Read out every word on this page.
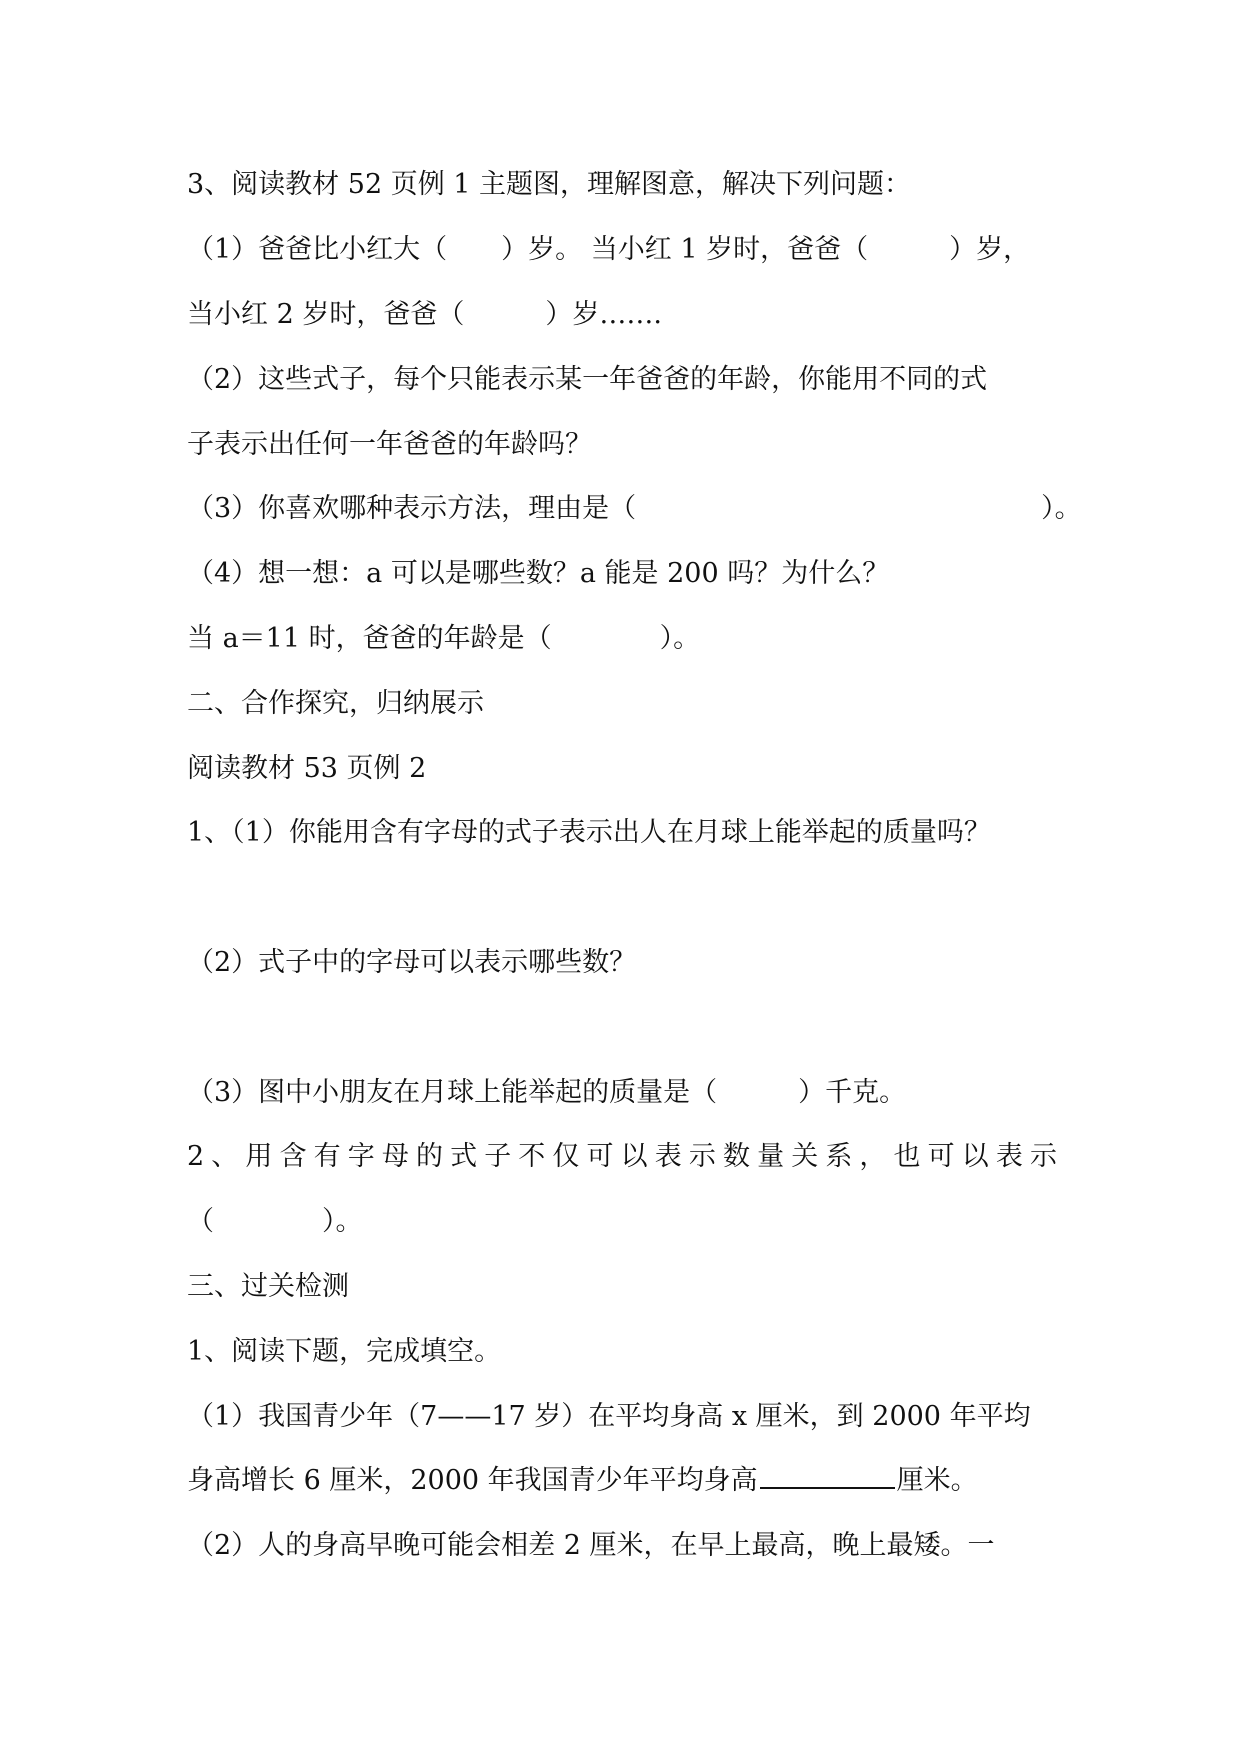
3、阅读教材 52 页例 1 主题图，理解图意，解决下列问题：
（1）爸爸比小红大（　　）岁。 当小红 1 岁时，爸爸（　　　）岁，
当小红 2 岁时，爸爸（　　　）岁…….
（2）这些式子，每个只能表示某一年爸爸的年龄，你能用不同的式
子表示出任何一年爸爸的年龄吗？
（3）你喜欢哪种表示方法，理由是（　　　　　　　　　　　　　　　）。
（4）想一想：a 可以是哪些数？a 能是 200 吗？为什么？
当 a＝11 时，爸爸的年龄是（　　　　）。
二、合作探究，归纳展示
阅读教材 53 页例 2
1、（1）你能用含有字母的式子表示出人在月球上能举起的质量吗？
（2）式子中的字母可以表示哪些数？
（3）图中小朋友在月球上能举起的质量是（　　　）千克。
2、用含有字母的式子不仅可以表示数量关系，也可以表示
（　　　　）。
三、过关检测
1、阅读下题，完成填空。
（1）我国青少年（7——17 岁）在平均身高 x 厘米，到 2000 年平均
身高增长 6 厘米，2000 年我国青少年平均身高	厘米。
（2）人的身高早晚可能会相差 2 厘米，在早上最高，晚上最矮。一
